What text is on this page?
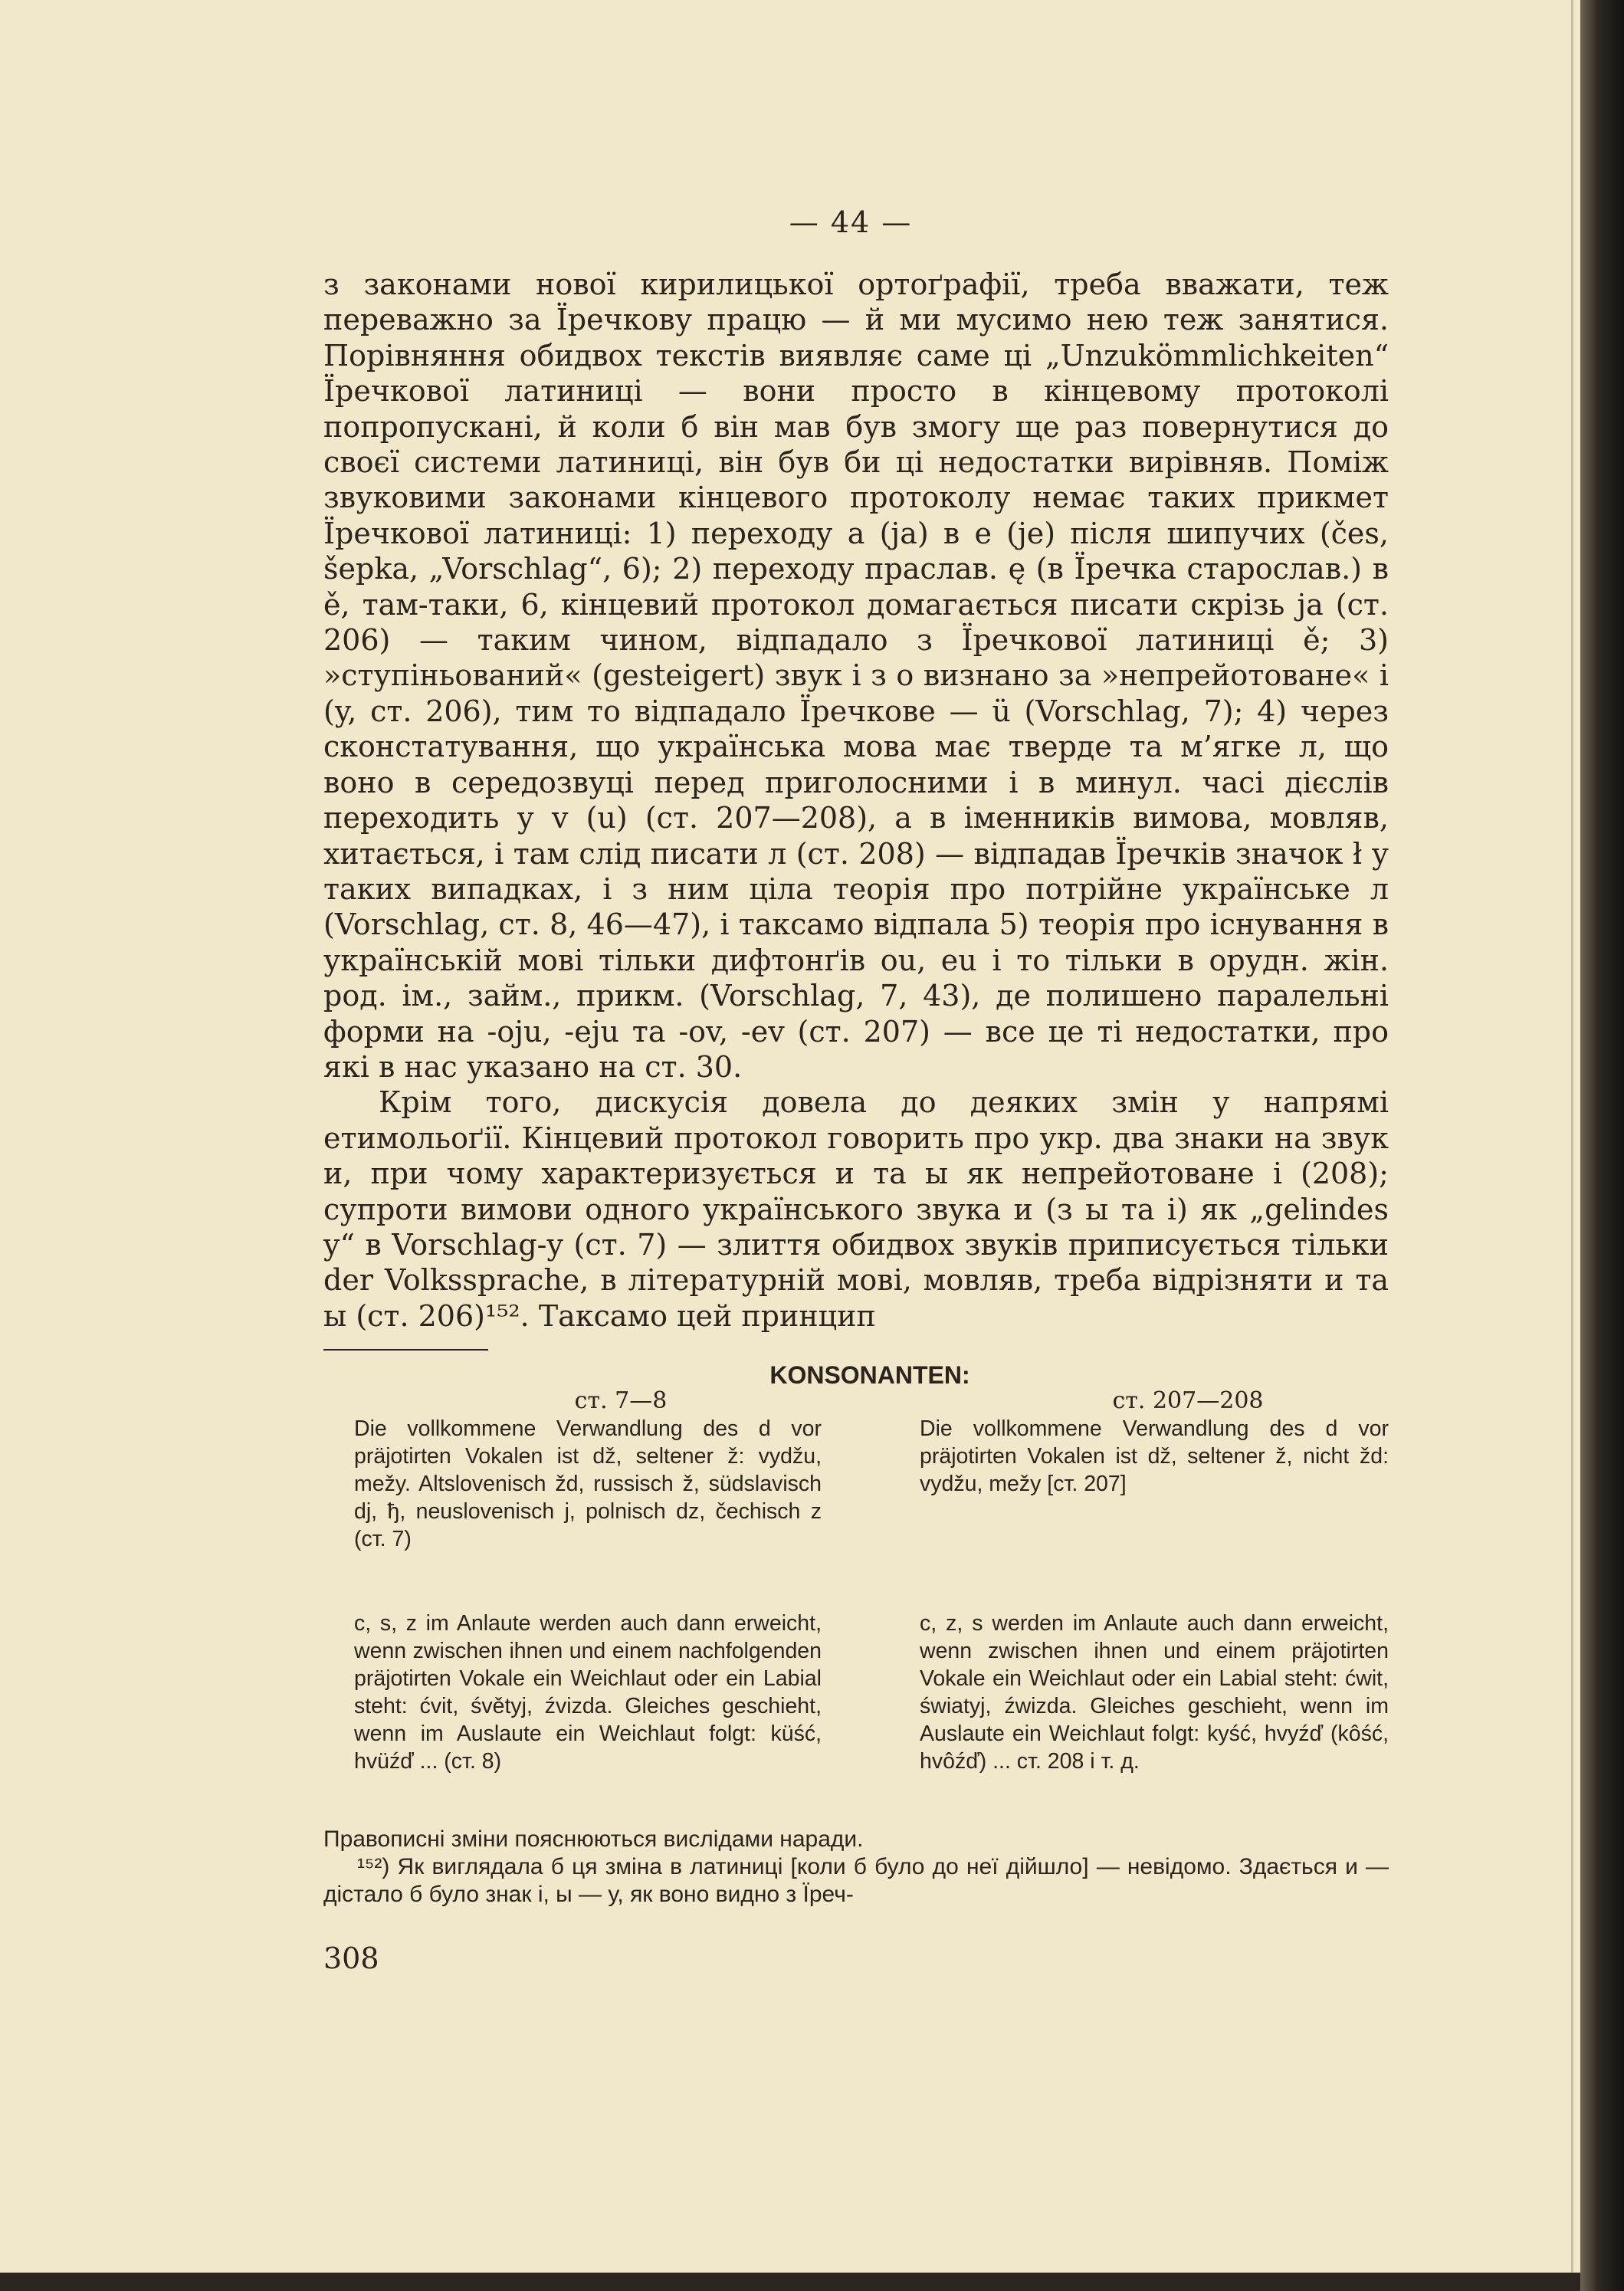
— 44 —

з законами нової кирилицької ортоґрафії, треба вважати, теж переважно за Їречкову працю — й ми мусимо нею теж занятися. Порівняння обидвох текстів виявляє саме ці „Unzukömmlichkeiten“ Їречкової латиниці — вони просто в кінцевому протоколі попропускані, й коли б він мав був змогу ще раз повернутися до своєї системи латиниці, він був би ці недостатки вирівняв. Поміж звуковими законами кінцевого протоколу немає таких прикмет Їречкової латиниці: 1) переходу a (ja) в e (je) після шипучих (čes, šepka, „Vorschlag“, 6); 2) переходу праслав. ę (в Їречка старослав.) в ě, там-таки, 6, кінцевий протокол домагається писати скрізь ja (ст. 206) — таким чином, відпадало з Їречкової латиниці ě; 3) »ступіньований« (gesteigert) звук i з o визнано за »непрейотоване« i (y, ст. 206), тим то відпадало Їречкове — ü (Vorschlag, 7); 4) через сконстатування, що українська мова має тверде та м’ягке л, що воно в середозвуці перед приголосними і в минул. часі дієслів переходить у v (u) (ст. 207—208), а в іменників вимова, мовляв, хитається, і там слід писати л (ст. 208) — відпадав Їречків значок ł у таких випадках, і з ним ціла теорія про потрійне українське л (Vorschlag, ст. 8, 46—47), і таксамо відпала 5) теорія про існування в українській мові тільки дифтонґів ou, eu і то тільки в орудн. жін. род. ім., займ., прикм. (Vorschlag, 7, 43), де полишено паралельні форми на -oju, -eju та -ov, -ev (ст. 207) — все це ті недостатки, про які в нас указано на ст. 30.

Крім того, дискусія довела до деяких змін у напрямі етимольоґії. Кінцевий протокол говорить про укр. два знаки на звук и, при чому характеризується и та ы як непрейотоване i (208); супроти вимови одного українського звука и (з ы та і) як „gelindes y“ в Vorschlag-y (ст. 7) — злиття обидвох звуків приписується тільки der Volkssprache, в літературній мові, мовляв, треба відрізняти и та ы (ст. 206)¹⁵². Таксамо цей принцип

KONSONANTEN:
ст. 7—8	ст. 207—208
Die vollkommene Verwandlung des d vor präjotirten Vokalen ist dž, seltener ž: vydžu, mežy. Altslovenisch žd, russisch ž, südslavisch dj, ђ, neuslovenisch j, polnisch dz, čechisch z (ст. 7)
Die vollkommene Verwandlung des d vor präjotirten Vokalen ist dž, seltener ž, nicht žd: vydžu, mežy [ст. 207]
c, s, z im Anlaute werden auch dann erweicht, wenn zwischen ihnen und einem nachfolgenden präjotirten Vokale ein Weichlaut oder ein Labial steht: ćvit, śvětyj, źvizda. Gleiches geschieht, wenn im Auslaute ein Weichlaut folgt: küść, hvüźď ... (ст. 8)
c, z, s werden im Anlaute auch dann erweicht, wenn zwischen ihnen und einem präjotirten Vokale ein Weichlaut oder ein Labial steht: ćwit, światyj, źwizda. Gleiches geschieht, wenn im Auslaute ein Weichlaut folgt: kyść, hvyźď (kôść, hvôźď) ... ст. 208 і т. д.

Правописні зміни пояснюються вислідами наради.

¹⁵²) Як виглядала б ця зміна в латиниці [коли б було до неї дійшло] — невідомо. Здається и — дістало б було знак і, ы — у, як воно видно з Їреч-

308
